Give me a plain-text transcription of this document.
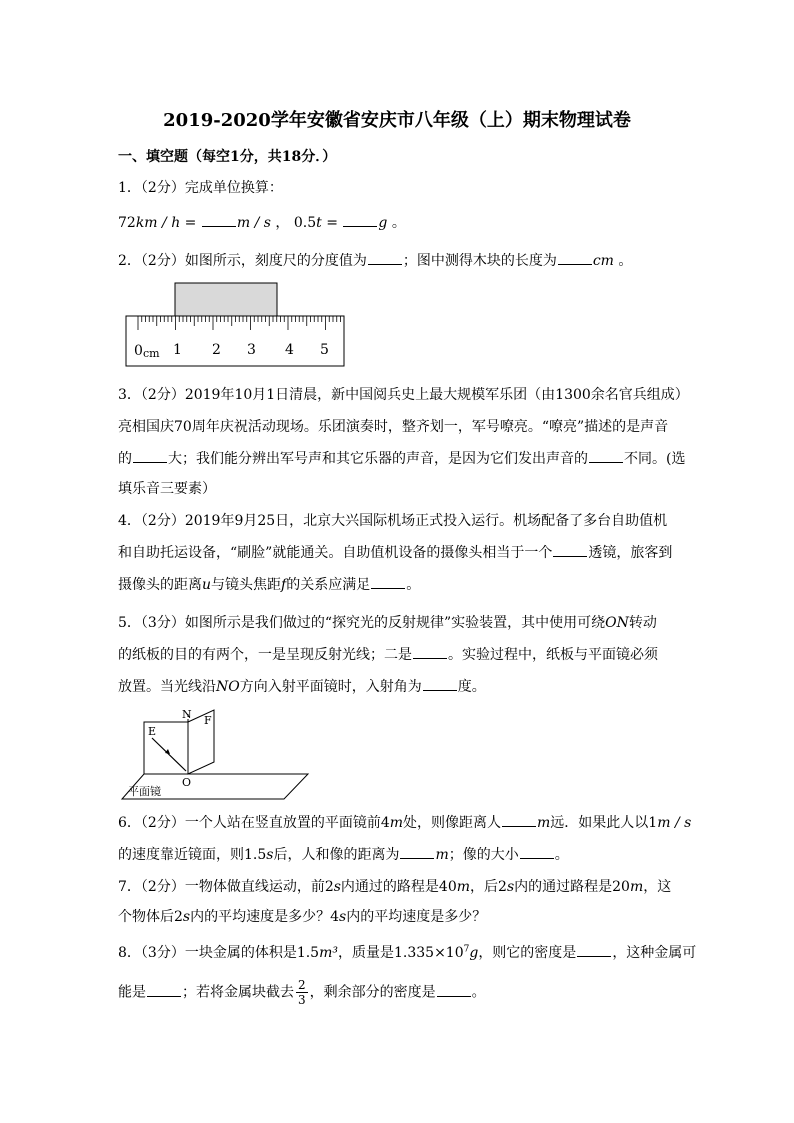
2019-2020学年安徽省安庆市八年级（上）期末物理试卷
一、填空题（每空1分，共18分．）
1．（2分）完成单位换算：
72km / h =	m / s ， 0.5t =	g 。
2．（2分）如图所示，刻度尺的分度值为	；图中测得木块的长度为	cm 。
0 cm 1 2 3 4 5
3．（2分）2019年10月1日清晨，新中国阅兵史上最大规模军乐团（由1300余名官兵组成）
亮相国庆70周年庆祝活动现场。乐团演奏时，整齐划一，军号嘹亮。“嘹亮”描述的是声音
的	大；我们能分辨出军号声和其它乐器的声音，是因为它们发出声音的	不同。(选
填乐音三要素）
4．（2分）2019年9月25日，北京大兴国际机场正式投入运行。机场配备了多台自助值机
和自助托运设备，“刷脸”就能通关。自助值机设备的摄像头相当于一个	透镜，旅客到
摄像头的距离u与镜头焦距f的关系应满足	。
5．（3分）如图所示是我们做过的“探究光的反射规律”实验装置，其中使用可绕ON转动
的纸板的目的有两个，一是呈现反射光线；二是	。实验过程中，纸板与平面镜必须
放置。当光线沿NO方向入射平面镜时，入射角为	度。
N F
E
O
平面镜
6．（2分）一个人站在竖直放置的平面镜前4m处，则像距离人	m远．如果此人以1m / s
的速度靠近镜面，则1.5s后，人和像的距离为	m；像的大小	。
7．（2分）一物体做直线运动，前2s内通过的路程是40m，后2s内的通过路程是20m，这
个物体后2s内的平均速度是多少？4s内的平均速度是多少？
8．（3分）一块金属的体积是1.5m³，质量是$1.335\times 10^7g$，则它的密度是	，这种金属可
能是	；若将金属块截去 $\frac{2}{3}$ ，剩余部分的密度是	。
